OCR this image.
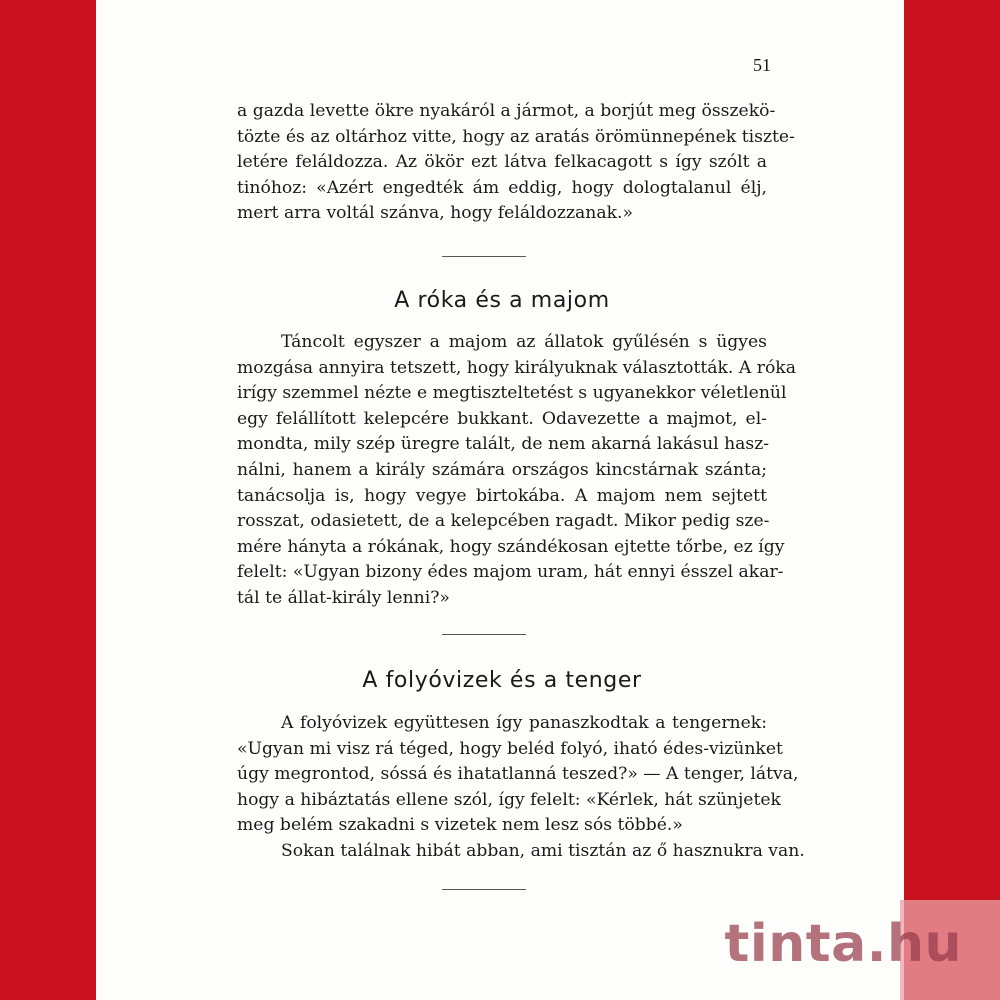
51
a gazda levette ökre nyakáról a jármot, a borjút meg összekö-
tözte és az oltárhoz vitte, hogy az aratás örömünnepének tiszte-
letére feláldozza. Az ökör ezt látva felkacagott s így szólt a
tinóhoz: «Azért engedték ám eddig, hogy dologtalanul élj,
mert arra voltál szánva, hogy feláldozzanak.»
A róka és a majom
Táncolt egyszer a majom az állatok gyűlésén s ügyes
mozgása annyira tetszett, hogy királyuknak választották. A róka
irígy szemmel nézte e megtiszteltetést s ugyanekkor véletlenül
egy felállított kelepcére bukkant. Odavezette a majmot, el-
mondta, mily szép üregre talált, de nem akarná lakásul hasz-
nálni, hanem a király számára országos kincstárnak szánta;
tanácsolja is, hogy vegye birtokába. A majom nem sejtett
rosszat, odasietett, de a kelepcében ragadt. Mikor pedig sze-
mére hányta a rókának, hogy szándékosan ejtette tőrbe, ez így
felelt: «Ugyan bizony édes majom uram, hát ennyi ésszel akar-
tál te állat-király lenni?»
A folyóvizek és a tenger
A folyóvizek együttesen így panaszkodtak a tengernek:
«Ugyan mi visz rá téged, hogy beléd folyó, iható édes-vizünket
úgy megrontod, sóssá és ihatatlanná teszed?» — A tenger, látva,
hogy a hibáztatás ellene szól, így felelt: «Kérlek, hát szünjetek
meg belém szakadni s vizetek nem lesz sós többé.»
Sokan találnak hibát abban, ami tisztán az ő hasznukra van.
tinta.hu
